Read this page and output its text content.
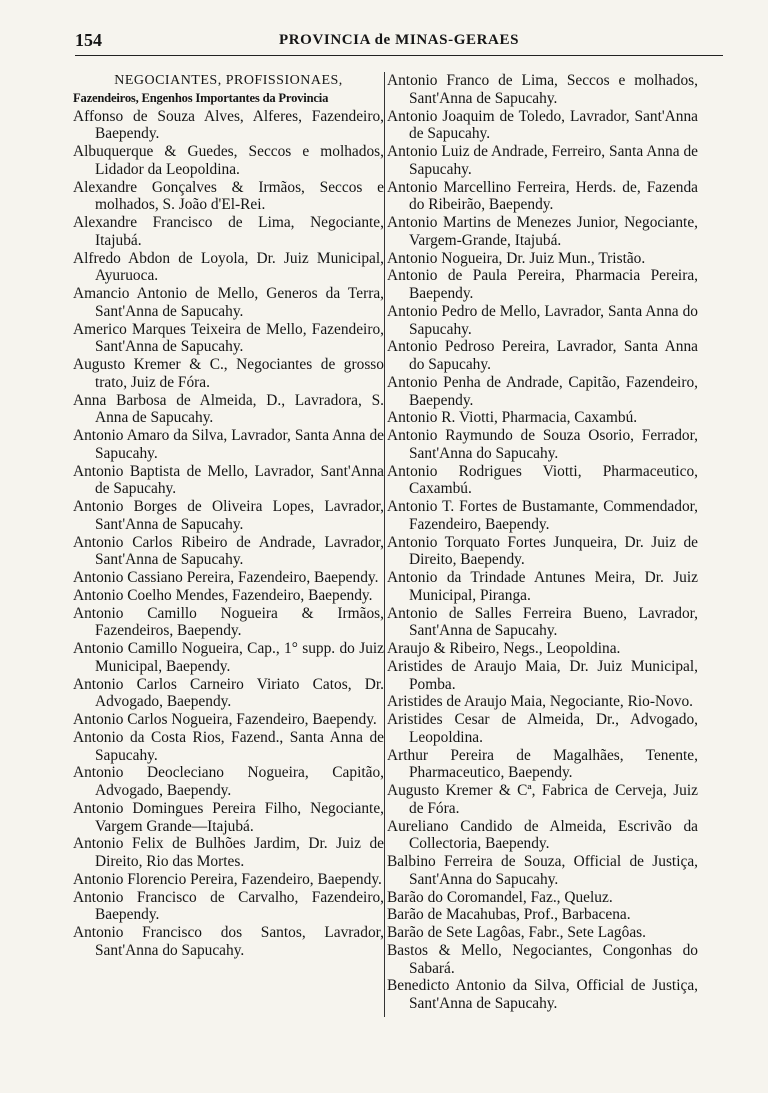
154	PROVINCIA de MINAS-GERAES
NEGOCIANTES, PROFISSIONAES,
Fazendeiros, Engenhos Importantes da Provincia
Affonso de Souza Alves, Alferes, Fazendeiro, Baependy.
Albuquerque & Guedes, Seccos e molhados, Lidador da Leopoldina.
Alexandre Gonçalves & Irmãos, Seccos e molhados, S. João d'El-Rei.
Alexandre Francisco de Lima, Negociante, Itajubá.
Alfredo Abdon de Loyola, Dr. Juiz Municipal, Ayuruoca.
Amancio Antonio de Mello, Generos da Terra, Sant'Anna de Sapucahy.
Americo Marques Teixeira de Mello, Fazendeiro, Sant'Anna de Sapucahy.
Augusto Kremer & C., Negociantes de grosso trato, Juiz de Fóra.
Anna Barbosa de Almeida, D., Lavradora, S. Anna de Sapucahy.
Antonio Amaro da Silva, Lavrador, Santa Anna de Sapucahy.
Antonio Baptista de Mello, Lavrador, Sant'Anna de Sapucahy.
Antonio Borges de Oliveira Lopes, Lavrador, Sant'Anna de Sapucahy.
Antonio Carlos Ribeiro de Andrade, Lavrador, Sant'Anna de Sapucahy.
Antonio Cassiano Pereira, Fazendeiro, Baependy.
Antonio Coelho Mendes, Fazendeiro, Baependy.
Antonio Camillo Nogueira & Irmãos, Fazendeiros, Baependy.
Antonio Camillo Nogueira, Cap., 1° supp. do Juiz Municipal, Baependy.
Antonio Carlos Carneiro Viriato Catos, Dr. Advogado, Baependy.
Antonio Carlos Nogueira, Fazendeiro, Baependy.
Antonio da Costa Rios, Fazend., Santa Anna de Sapucahy.
Antonio Deocleciano Nogueira, Capitão, Advogado, Baependy.
Antonio Domingues Pereira Filho, Negociante, Vargem Grande—Itajubá.
Antonio Felix de Bulhões Jardim, Dr. Juiz de Direito, Rio das Mortes.
Antonio Florencio Pereira, Fazendeiro, Baependy.
Antonio Francisco de Carvalho, Fazendeiro, Baependy.
Antonio Francisco dos Santos, Lavrador, Sant'Anna do Sapucahy.
Antonio Franco de Lima, Seccos e molhados, Sant'Anna de Sapucahy.
Antonio Joaquim de Toledo, Lavrador, Sant'Anna de Sapucahy.
Antonio Luiz de Andrade, Ferreiro, Santa Anna de Sapucahy.
Antonio Marcellino Ferreira, Herds. de, Fazenda do Ribeirão, Baependy.
Antonio Martins de Menezes Junior, Negociante, Vargem-Grande, Itajubá.
Antonio Nogueira, Dr. Juiz Mun., Tristão.
Antonio de Paula Pereira, Pharmacia Pereira, Baependy.
Antonio Pedro de Mello, Lavrador, Santa Anna do Sapucahy.
Antonio Pedroso Pereira, Lavrador, Santa Anna do Sapucahy.
Antonio Penha de Andrade, Capitão, Fazendeiro, Baependy.
Antonio R. Viotti, Pharmacia, Caxambú.
Antonio Raymundo de Souza Osorio, Ferrador, Sant'Anna do Sapucahy.
Antonio Rodrigues Viotti, Pharmaceutico, Caxambú.
Antonio T. Fortes de Bustamante, Commendador, Fazendeiro, Baependy.
Antonio Torquato Fortes Junqueira, Dr. Juiz de Direito, Baependy.
Antonio da Trindade Antunes Meira, Dr. Juiz Municipal, Piranga.
Antonio de Salles Ferreira Bueno, Lavrador, Sant'Anna de Sapucahy.
Araujo & Ribeiro, Negs., Leopoldina.
Aristides de Araujo Maia, Dr. Juiz Municipal, Pomba.
Aristides de Araujo Maia, Negociante, Rio-Novo.
Aristides Cesar de Almeida, Dr., Advogado, Leopoldina.
Arthur Pereira de Magalhães, Tenente, Pharmaceutico, Baependy.
Augusto Kremer & Cª, Fabrica de Cerveja, Juiz de Fóra.
Aureliano Candido de Almeida, Escrivão da Collectoria, Baependy.
Balbino Ferreira de Souza, Official de Justiça, Sant'Anna do Sapucahy.
Barão do Coromandel, Faz., Queluz.
Barão de Macahubas, Prof., Barbacena.
Barão de Sete Lagôas, Fabr., Sete Lagôas.
Bastos & Mello, Negociantes, Congonhas do Sabará.
Benedicto Antonio da Silva, Official de Justiça, Sant'Anna de Sapucahy.
